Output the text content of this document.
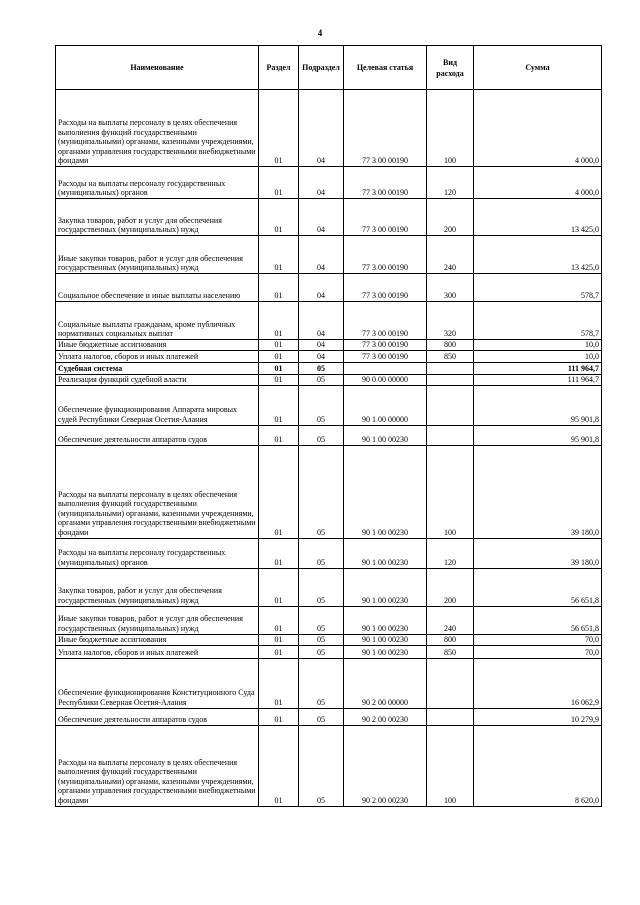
4
Наименование	Раздел	Подраздел	Целевая статья	Вид расхода	Сумма
Расходы на выплаты персоналу в целях обеспечения выполнения функций государственными (муниципальными) органами, казенными учреждениями, органами управления государственными внебюджетными фондами	01	04	77 3 00 00190	100	4 000,0
Расходы на выплаты персоналу государственных (муниципальных) органов	01	04	77 3 00 00190	120	4 000,0
Закупка товаров, работ и услуг для обеспечения государственных (муниципальных) нужд	01	04	77 3 00 00190	200	13 425,0
Иные закупки товаров, работ и услуг для обеспечения государственных (муниципальных) нужд	01	04	77 3 00 00190	240	13 425,0
Социальное обеспечение и иные выплаты населению	01	04	77 3 00 00190	300	578,7
Социальные выплаты гражданам, кроме публичных нормативных социальных выплат	01	04	77 3 00 00190	320	578,7
Иные бюджетные ассигнования	01	04	77 3 00 00190	800	10,0
Уплата налогов, сборов и иных платежей	01	04	77 3 00 00190	850	10,0
Судебная система	01	05			111 964,7
Реализация функций судебной власти	01	05	90 0 00 00000		111 964,7
Обеспечение функционирования Аппарата мировых судей Республики Северная Осетия-Алания	01	05	90 1 00 00000		95 901,8
Обеспечение деятельности аппаратов судов	01	05	90 1 00 00230		95 901,8
Расходы на выплаты персоналу в целях обеспечения выполнения функций государственными (муниципальными) органами, казенными учреждениями, органами управления государственными внебюджетными фондами	01	05	90 1 00 00230	100	39 180,0
Расходы на выплаты персоналу государственных (муниципальных) органов	01	05	90 1 00 00230	120	39 180,0
Закупка товаров, работ и услуг для обеспечения государственных (муниципальных) нужд	01	05	90 1 00 00230	200	56 651,8
Иные закупки товаров, работ и услуг для обеспечения государственных (муниципальных) нужд	01	05	90 1 00 00230	240	56 651,8
Иные бюджетные ассигнования	01	05	90 1 00 00230	800	70,0
Уплата налогов, сборов и иных платежей	01	05	90 1 00 00230	850	70,0
Обеспечение функционирования Конституционного Суда Республики Северная Осетия-Алания	01	05	90 2 00 00000		16 062,9
Обеспечение деятельности аппаратов судов	01	05	90 2 00 00230		10 279,9
Расходы на выплаты персоналу в целях обеспечения выполнения функций государственными (муниципальными) органами, казенными учреждениями, органами управления государственными внебюджетными фондами	01	05	90 2 00 00230	100	8 620,0
